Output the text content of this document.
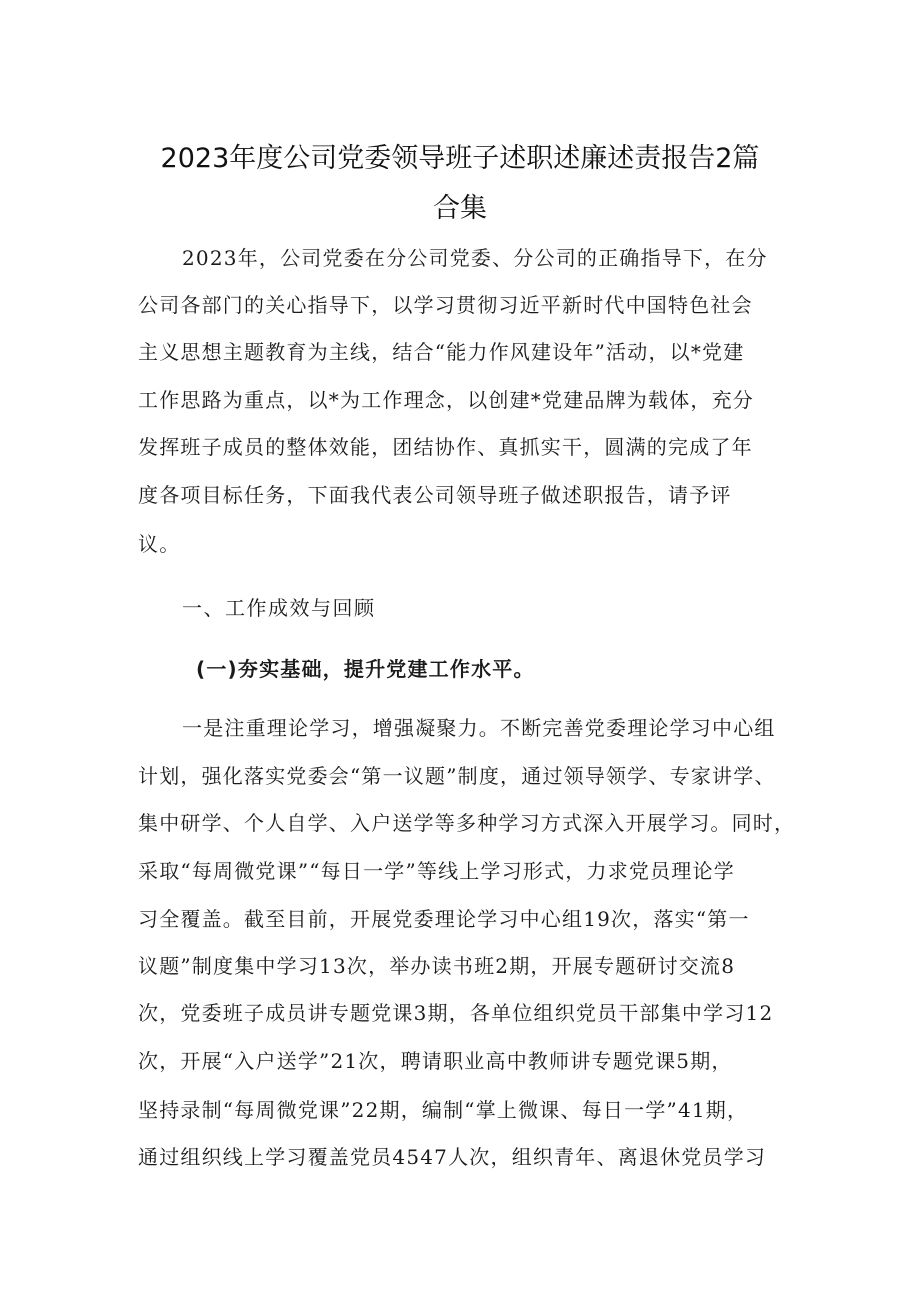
2023年度公司党委领导班子述职述廉述责报告2篇
合集
2023年，公司党委在分公司党委、分公司的正确指导下，在分
公司各部门的关心指导下，以学习贯彻习近平新时代中国特色社会
主义思想主题教育为主线，结合“能力作风建设年”活动，以*党建
工作思路为重点，以*为工作理念，以创建*党建品牌为载体，充分
发挥班子成员的整体效能，团结协作、真抓实干，圆满的完成了年
度各项目标任务，下面我代表公司领导班子做述职报告，请予评
议。
一、工作成效与回顾
(一)夯实基础，提升党建工作水平。
一是注重理论学习，增强凝聚力。不断完善党委理论学习中心组
计划，强化落实党委会“第一议题”制度，通过领导领学、专家讲学、
集中研学、个人自学、入户送学等多种学习方式深入开展学习。同时，
采取“每周微党课”“每日一学”等线上学习形式，力求党员理论学
习全覆盖。截至目前，开展党委理论学习中心组19次，落实“第一
议题”制度集中学习13次，举办读书班2期，开展专题研讨交流8
次，党委班子成员讲专题党课3期，各单位组织党员干部集中学习12
次，开展“入户送学”21次，聘请职业高中教师讲专题党课5期，
坚持录制“每周微党课”22期，编制“掌上微课、每日一学”41期，
通过组织线上学习覆盖党员4547人次，组织青年、离退休党员学习
